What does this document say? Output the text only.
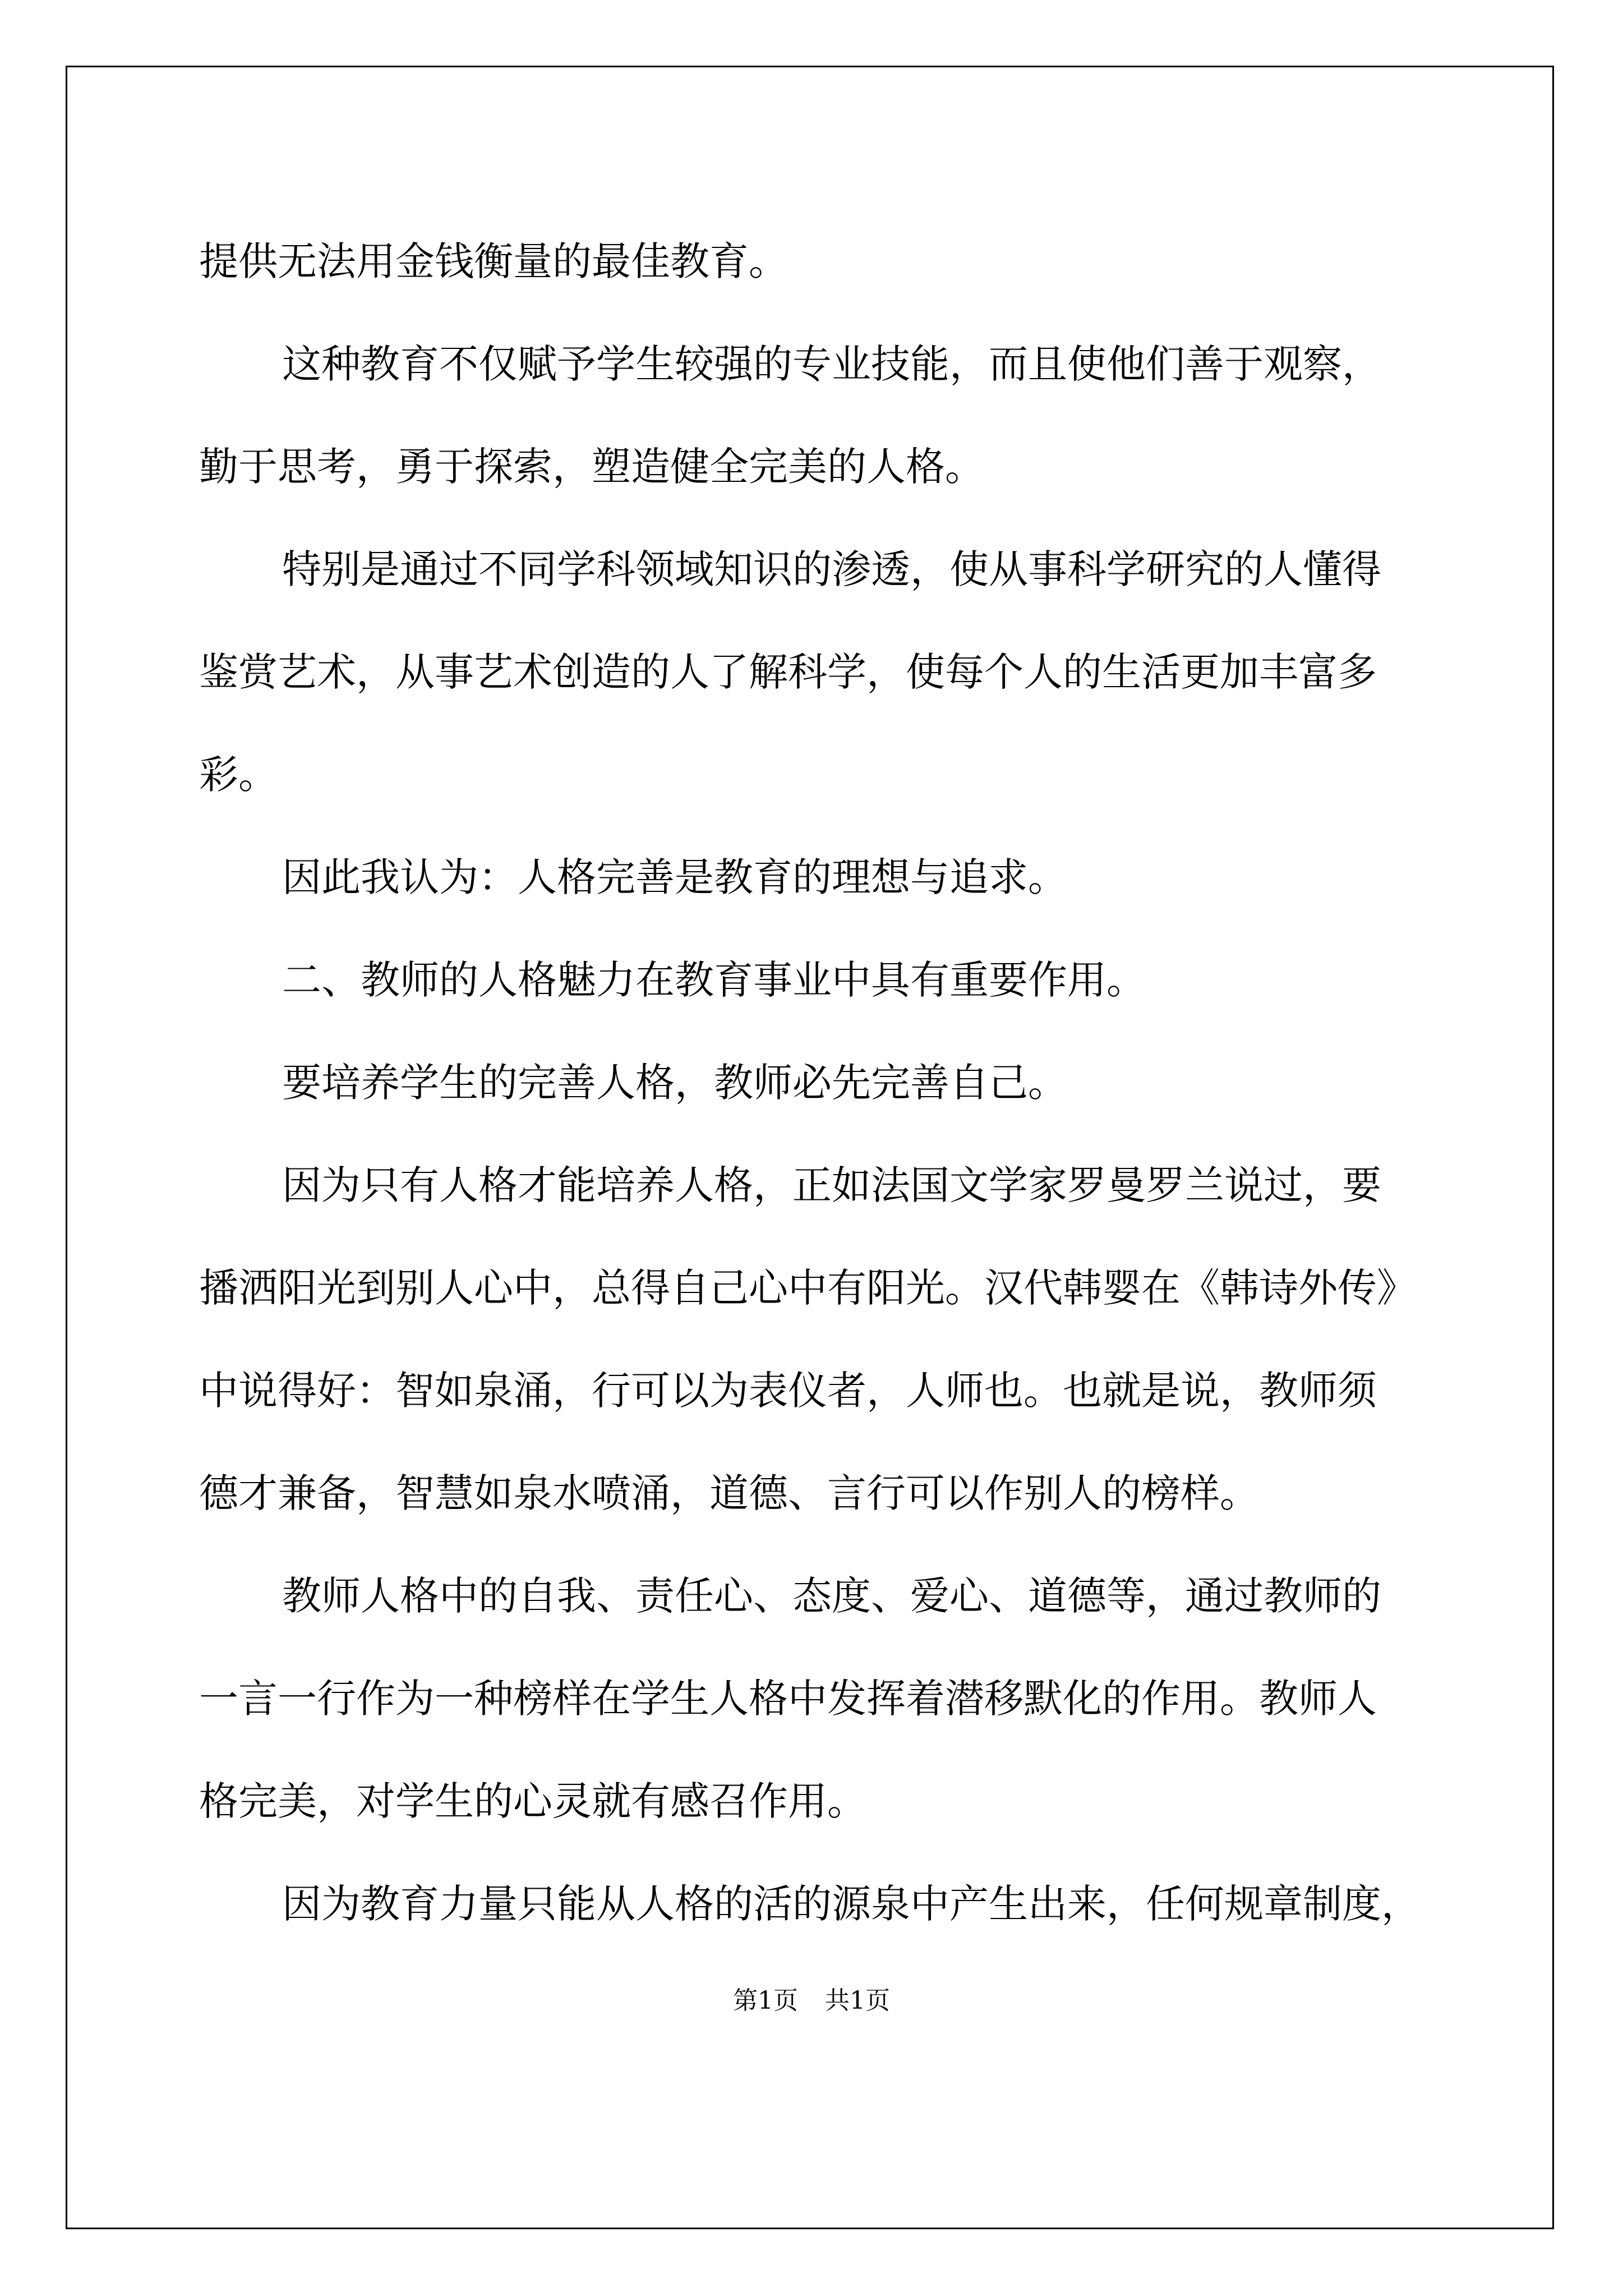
提供无法用金钱衡量的最佳教育。
这种教育不仅赋予学生较强的专业技能，而且使他们善于观察，
勤于思考，勇于探索，塑造健全完美的人格。
特别是通过不同学科领域知识的渗透，使从事科学研究的人懂得
鉴赏艺术，从事艺术创造的人了解科学，使每个人的生活更加丰富多
彩。
因此我认为：人格完善是教育的理想与追求。
二、教师的人格魅力在教育事业中具有重要作用。
要培养学生的完善人格，教师必先完善自己。
因为只有人格才能培养人格，正如法国文学家罗曼罗兰说过，要
播洒阳光到别人心中，总得自己心中有阳光。汉代韩婴在《韩诗外传》
中说得好：智如泉涌，行可以为表仪者，人师也。也就是说，教师须
德才兼备，智慧如泉水喷涌，道德、言行可以作别人的榜样。
教师人格中的自我、责任心、态度、爱心、道德等，通过教师的
一言一行作为一种榜样在学生人格中发挥着潜移默化的作用。教师人
格完美，对学生的心灵就有感召作用。
因为教育力量只能从人格的活的源泉中产生出来，任何规章制度，
第1页 共1页
